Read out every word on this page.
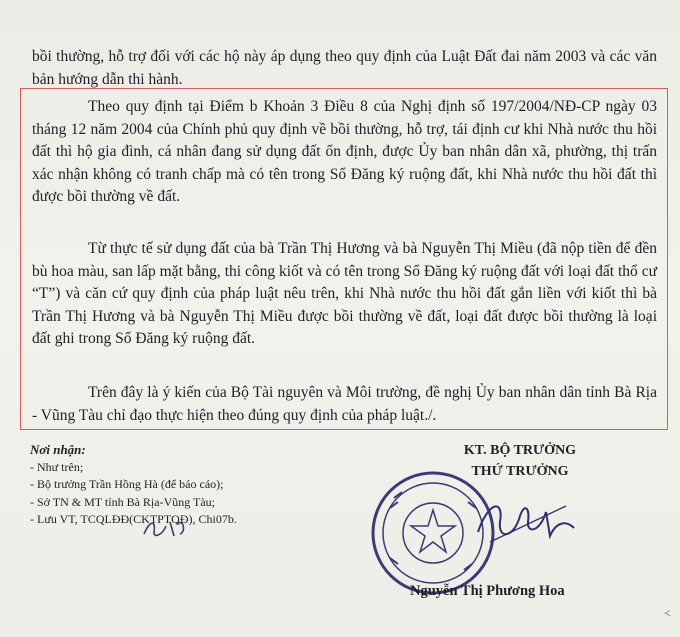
bồi thường, hỗ trợ đối với các hộ này áp dụng theo quy định của Luật Đất đai năm 2003 và các văn bản hướng dẫn thi hành.
Theo quy định tại Điểm b Khoản 3 Điều 8 của Nghị định số 197/2004/NĐ-CP ngày 03 tháng 12 năm 2004 của Chính phủ quy định về bồi thường, hỗ trợ, tái định cư khi Nhà nước thu hồi đất thì hộ gia đình, cá nhân đang sử dụng đất ổn định, được Ủy ban nhân dân xã, phường, thị trấn xác nhận không có tranh chấp mà có tên trong Sổ Đăng ký ruộng đất, khi Nhà nước thu hồi đất thì được bồi thường về đất.
Từ thực tế sử dụng đất của bà Trần Thị Hương và bà Nguyễn Thị Miều (đã nộp tiền để đền bù hoa màu, san lấp mặt bằng, thi công kiốt và có tên trong Sổ Đăng ký ruộng đất với loại đất thổ cư “T”) và căn cứ quy định của pháp luật nêu trên, khi Nhà nước thu hồi đất gắn liền với kiốt thì bà Trần Thị Hương và bà Nguyễn Thị Miều được bồi thường về đất, loại đất được bồi thường là loại đất ghi trong Sổ Đăng ký ruộng đất.
Trên đây là ý kiến của Bộ Tài nguyên và Môi trường, đề nghị Ủy ban nhân dân tỉnh Bà Rịa - Vũng Tàu chỉ đạo thực hiện theo đúng quy định của pháp luật./.
Nơi nhận:
- Như trên;
- Bộ trưởng Trần Hồng Hà (để báo cáo);
- Sở TN & MT tỉnh Bà Rịa-Vũng Tàu;
- Lưu VT, TCQLĐĐ(CKTPTQĐ), Chi07b.
KT. BỘ TRƯỞNG
THỨ TRƯỞNG
Nguyễn Thị Phương Hoa
<
